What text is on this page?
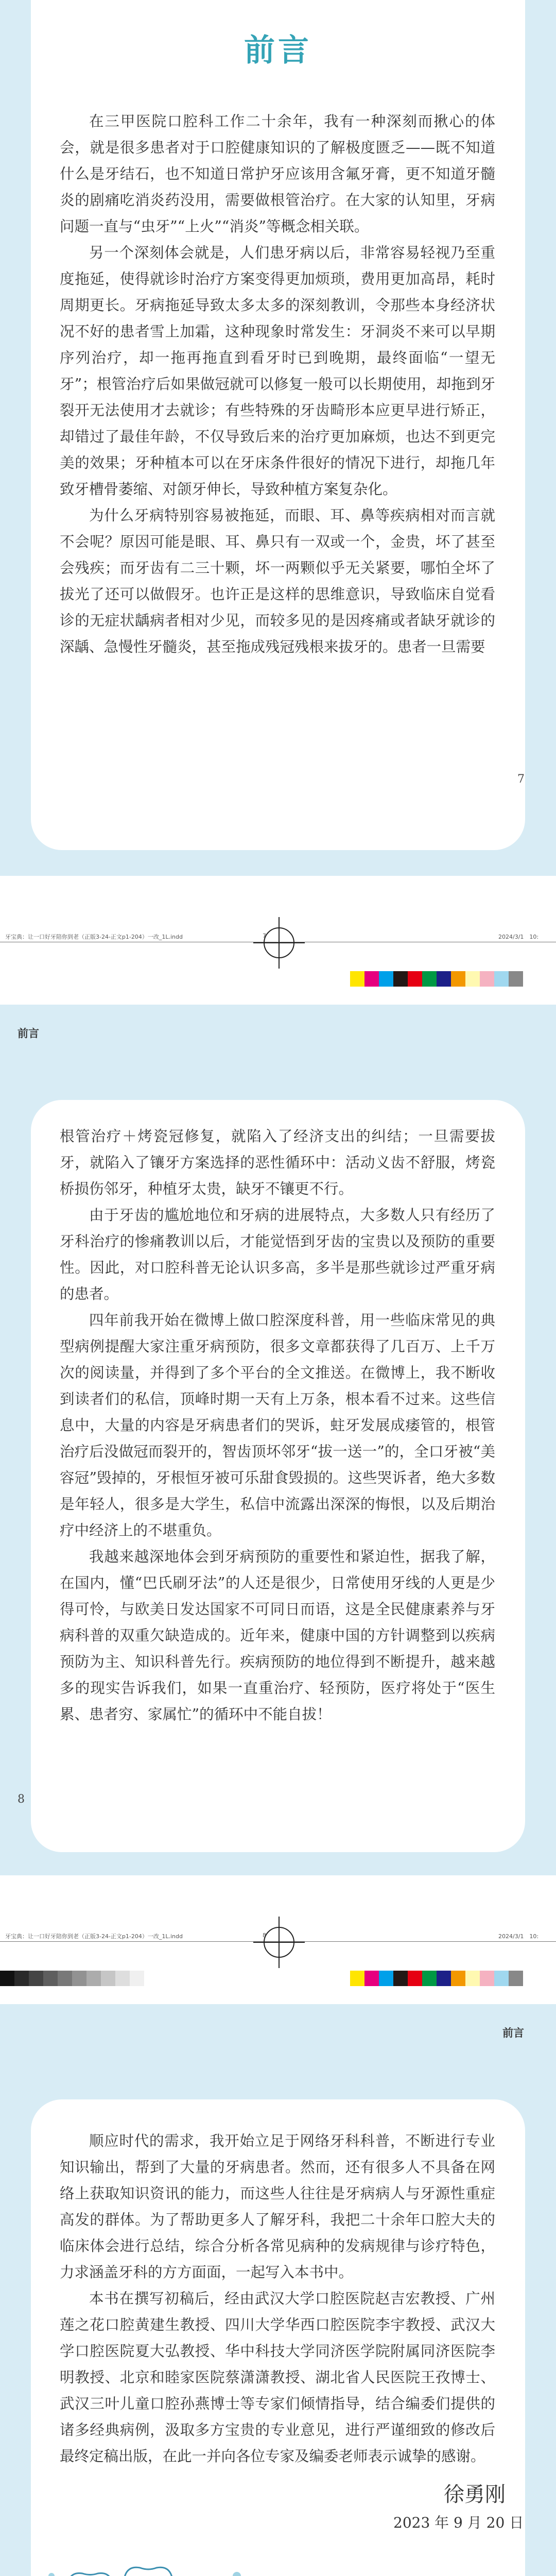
前言

在三甲医院口腔科工作二十余年，我有一种深刻而揪心的体会，就是很多患者对于口腔健康知识的了解极度匮乏——既不知道什么是牙结石，也不知道日常护牙应该用含氟牙膏，更不知道牙髓炎的剧痛吃消炎药没用，需要做根管治疗。在大家的认知里，牙病问题一直与“虫牙”“上火”“消炎”等概念相关联。

另一个深刻体会就是，人们患牙病以后，非常容易轻视乃至重度拖延，使得就诊时治疗方案变得更加烦琐，费用更加高昂，耗时周期更长。牙病拖延导致太多太多的深刻教训，令那些本身经济状况不好的患者雪上加霜，这种现象时常发生：牙洞炎不来可以早期序列治疗，却一拖再拖直到看牙时已到晚期，最终面临“一望无牙”；根管治疗后如果做冠就可以修复一般可以长期使用，却拖到牙裂开无法使用才去就诊；有些特殊的牙齿畸形本应更早进行矫正，却错过了最佳年龄，不仅导致后来的治疗更加麻烦，也达不到更完美的效果；牙种植本可以在牙床条件很好的情况下进行，却拖几年致牙槽骨萎缩、对颌牙伸长，导致种植方案复杂化。

为什么牙病特别容易被拖延，而眼、耳、鼻等疾病相对而言就不会呢？原因可能是眼、耳、鼻只有一双或一个，金贵，坏了甚至会残疾；而牙齿有二三十颗，坏一两颗似乎无关紧要，哪怕全坏了拔光了还可以做假牙。也许正是这样的思维意识，导致临床自觉看诊的无症状龋病者相对少见，而较多见的是因疼痛或者缺牙就诊的深龋、急慢性牙髓炎，甚至拖成残冠残根来拔牙的。患者一旦需要

7
牙宝典：让一口好牙陪你到老（正版3-24-正文p1-204）一改_1L.indd	7	2024/3/1　10:
前言

根管治疗＋烤瓷冠修复，就陷入了经济支出的纠结；一旦需要拔牙，就陷入了镶牙方案选择的恶性循环中：活动义齿不舒服，烤瓷桥损伤邻牙，种植牙太贵，缺牙不镶更不行。

由于牙齿的尴尬地位和牙病的进展特点，大多数人只有经历了牙科治疗的惨痛教训以后，才能觉悟到牙齿的宝贵以及预防的重要性。因此，对口腔科普无论认识多高，多半是那些就诊过严重牙病的患者。

四年前我开始在微博上做口腔深度科普，用一些临床常见的典型病例提醒大家注重牙病预防，很多文章都获得了几百万、上千万次的阅读量，并得到了多个平台的全文推送。在微博上，我不断收到读者们的私信，顶峰时期一天有上万条，根本看不过来。这些信息中，大量的内容是牙病患者们的哭诉，蛀牙发展成痿管的，根管治疗后没做冠而裂开的，智齿顶坏邻牙“拔一送一”的，全口牙被“美容冠”毁掉的，牙根恒牙被可乐甜食毁损的。这些哭诉者，绝大多数是年轻人，很多是大学生，私信中流露出深深的悔恨，以及后期治疗中经济上的不堪重负。

我越来越深地体会到牙病预防的重要性和紧迫性，据我了解，在国内，懂“巴氏刷牙法”的人还是很少，日常使用牙线的人更是少得可怜，与欧美日发达国家不可同日而语，这是全民健康素养与牙病科普的双重欠缺造成的。近年来，健康中国的方针调整到以疾病预防为主、知识科普先行。疾病预防的地位得到不断提升，越来越多的现实告诉我们，如果一直重治疗、轻预防，医疗将处于“医生累、患者穷、家属忙”的循环中不能自拔！

8
牙宝典：让一口好牙陪你到老（正版3-24-正文p1-204）一改_1L.indd	8	2024/3/1　10:
前言

顺应时代的需求，我开始立足于网络牙科科普，不断进行专业知识输出，帮到了大量的牙病患者。然而，还有很多人不具备在网络上获取知识资讯的能力，而这些人往往是牙病病人与牙源性重症高发的群体。为了帮助更多人了解牙科，我把二十余年口腔大夫的临床体会进行总结，综合分析各常见病种的发病规律与诊疗特色，力求涵盖牙科的方方面面，一起写入本书中。

本书在撰写初稿后，经由武汉大学口腔医院赵吉宏教授、广州莲之花口腔黄建生教授、四川大学华西口腔医院李宇教授、武汉大学口腔医院夏大弘教授、华中科技大学同济医学院附属同济医院李明教授、北京和睦家医院蔡潇潇教授、湖北省人民医院王孜博士、武汉三叶儿童口腔孙燕博士等专家们倾情指导，结合编委们提供的诸多经典病例，汲取多方宝贵的专业意见，进行严谨细致的修改后最终定稿出版，在此一并向各位专家及编委老师表示诚挚的感谢。

徐勇刚
2023 年 9 月 20 日
